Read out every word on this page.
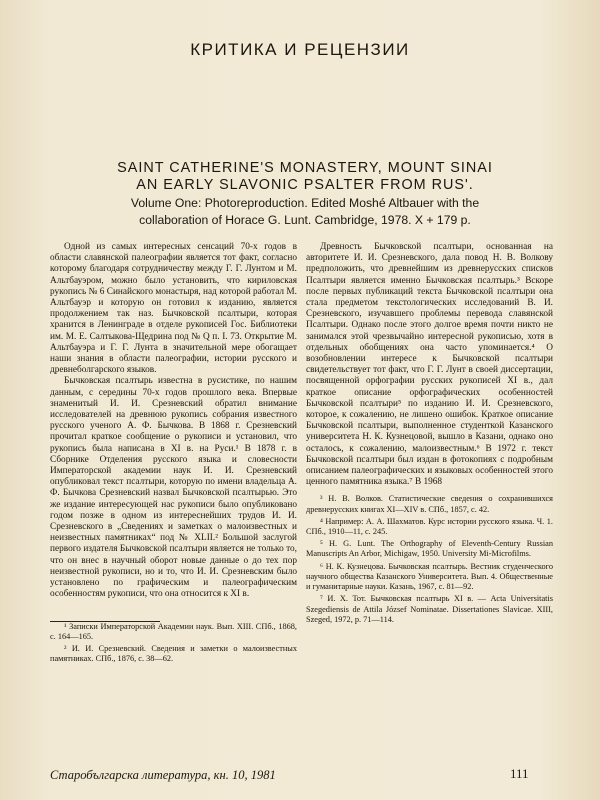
КРИТИКА И РЕЦЕНЗИИ
SAINT CATHERINE'S MONASTERY, MOUNT SINAI
AN EARLY SLAVONIC PSALTER FROM RUS'.
Volume One: Photoreproduction. Edited Moshé Altbauer with the
collaboration of Horace G. Lunt. Cambridge, 1978. X + 179 p.

Одной из самых интересных сенсаций 70-х годов в области славянской палеографии является тот факт, согласно которому благодаря сотрудничеству между Г. Г. Лунтом и М. Альтбауэром, можно было установить, что кириловская рукопись № 6 Синайского монастыря, над которой работал М. Альтбауэр и которую он готовил к изданию, является продолжением так наз. Бычковской псалтыри, которая хранится в Ленинграде в отделе рукописей Гос. Библиотеки им. М. Е. Салтыкова-Щедрина под № Q п. I. 73. Открытие М. Альтбауэра и Г. Г. Лунта в значительной мере обогащает наши знания в области палеографии, истории русского и древнеболгарского языков.

Бычковская псалтырь известна в русистике, по нашим данным, с середины 70-х годов прошлого века. Впервые знаменитый И. И. Срезневский обратил внимание исследователей на древнюю рукопись собрания известного русского ученого А. Ф. Бычкова. В 1868 г. Срезневский прочитал краткое сообщение о рукописи и установил, что рукопись была написана в XI в. на Руси.¹ В 1878 г. в Сборнике Отделения русского языка и словесности Императорской академии наук И. И. Срезневский опубликовал текст псалтыри, которую по имени владельца А. Ф. Бычкова Срезневский назвал Бычковской псалтырью. Это же издание интересующей нас рукописи было опубликовано годом позже в одном из интереснейших трудов И. И. Срезневского в „Сведениях и заметках о малоизвестных и неизвестных памятниках“ под № XLII.² Большой заслугой первого издателя Бычковской псалтыри является не только то, что он внес в научный оборот новые данные о до тех пор неизвестной рукописи, но и то, что И. И. Срезневским было установлено по графическим и палеографическим особенностям рукописи, что она относится к XI в.

¹ Записки Императорской Академии наук. Вып. XIII. СПб., 1868, с. 164—165.

² И. И. Срезневский. Сведения и заметки о малоизвестных памятниках. СПб., 1876, с. 38—62.

Древность Бычковской псалтыри, основанная на авторитете И. И. Срезневского, дала повод Н. В. Волкову предположить, что древнейшим из древнерусских списков Псалтыри является именно Бычковская псалтырь.³ Вскоре после первых публикаций текста Бычковской псалтыри она стала предметом текстологических исследований В. И. Срезневского, изучавшего проблемы перевода славянской Псалтыри. Однако после этого долгое время почти никто не занимался этой чрезвычайно интересной рукописью, хотя в отдельных обобщениях она часто упоминается.⁴ О возобновлении интересе к Бычковской псалтыри свидетельствует тот факт, что Г. Г. Лунт в своей диссертации, посвященной орфографии русских рукописей XI в., дал краткое описание орфографических особенностей Бычковской псалтыри⁵ по изданию И. И. Срезневского, которое, к сожалению, не лишено ошибок. Краткое описание Бычковской псалтыри, выполненное студенткой Казанского университета Н. К. Кузнецовой, вышло в Казани, однако оно осталось, к сожалению, малоизвестным.⁶ В 1972 г. текст Бычковской псалтыри был издан в фотокопиях с подробным описанием палеографических и языковых особенностей этого ценного памятника языка.⁷ В 1968

³ Н. В. Волков. Статистические сведения о сохранившихся древнерусских книгах XI—XIV в. СПб., 1857, с. 42.

⁴ Например: А. А. Шахматов. Курс истории русского языка. Ч. 1. СПб., 1910—11, с. 245.

⁵ H. G. Lunt. The Orthography of Eleventh-Century Russian Manuscripts An Arbor, Michigaw, 1950. University Mi-Microfilms.

⁶ Н. К. Кузнецова. Бычковская псалтырь. Вестник студенческого научного общества Казанского Университета. Вып. 4. Общественные и гуманитарные науки. Казань, 1967, с. 81—92.

⁷ И. Х. Тот. Бычковская псалтырь XI в. — Acta Universitatis Szegediensis de Attila József Nominatae. Dissertationes Slavicae. XIII, Szeged, 1972, p. 71—114.

Старобългарска литература, кн. 10, 1981	111
